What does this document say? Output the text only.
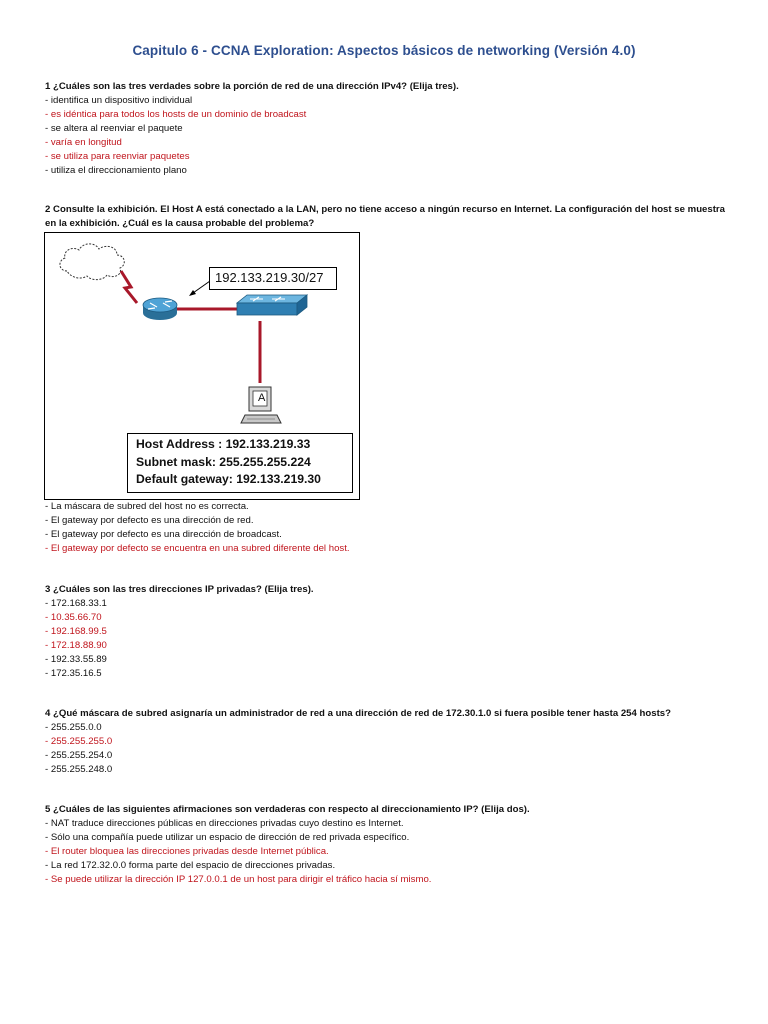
Capitulo 6 - CCNA Exploration: Aspectos básicos de networking (Versión 4.0)

1 ¿Cuáles son las tres verdades sobre la porción de red de una dirección IPv4? (Elija tres).

- identifica un dispositivo individual

- es idéntica para todos los hosts de un dominio de broadcast

- se altera al reenviar el paquete

- varía en longitud

- se utiliza para reenviar paquetes

- utiliza el direccionamiento plano

2 Consulte la exhibición. El Host A está conectado a la LAN, pero no tiene acceso a ningún recurso en Internet. La configuración del host se muestra en la exhibición. ¿Cuál es la causa probable del problema?

192.133.219.30/27
A
Host Address : 192.133.219.33
Subnet mask: 255.255.255.224
Default gateway: 192.133.219.30

- La máscara de subred del host no es correcta.

- El gateway por defecto es una dirección de red.

- El gateway por defecto es una dirección de broadcast.

- El gateway por defecto se encuentra en una subred diferente del host.

3 ¿Cuáles son las tres direcciones IP privadas? (Elija tres).

- 172.168.33.1

- 10.35.66.70

- 192.168.99.5

- 172.18.88.90

- 192.33.55.89

- 172.35.16.5

4 ¿Qué máscara de subred asignaría un administrador de red a una dirección de red de 172.30.1.0 si fuera posible tener hasta 254 hosts?

- 255.255.0.0

- 255.255.255.0

- 255.255.254.0

- 255.255.248.0

5 ¿Cuáles de las siguientes afirmaciones son verdaderas con respecto al direccionamiento IP? (Elija dos).

- NAT traduce direcciones públicas en direcciones privadas cuyo destino es Internet.

- Sólo una compañía puede utilizar un espacio de dirección de red privada específico.

- El router bloquea las direcciones privadas desde Internet pública.

- La red 172.32.0.0 forma parte del espacio de direcciones privadas.

- Se puede utilizar la dirección IP 127.0.0.1 de un host para dirigir el tráfico hacia sí mismo.
